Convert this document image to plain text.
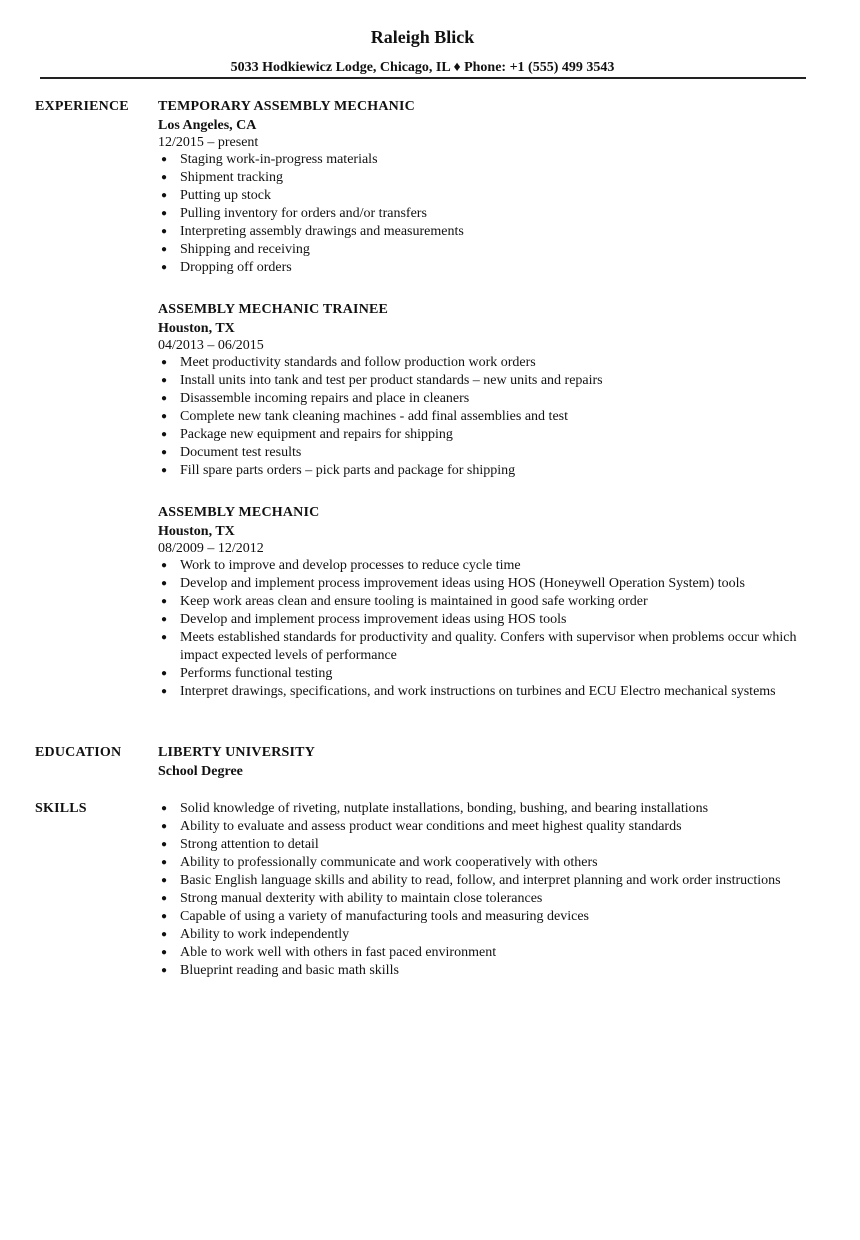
Raleigh Blick
5033 Hodkiewicz Lodge, Chicago, IL ♦ Phone: +1 (555) 499 3543
EXPERIENCE TEMPORARY ASSEMBLY MECHANIC
Los Angeles, CA
12/2015 – present
● Staging work-in-progress materials
● Shipment tracking
● Putting up stock
● Pulling inventory for orders and/or transfers
● Interpreting assembly drawings and measurements
● Shipping and receiving
● Dropping off orders
ASSEMBLY MECHANIC TRAINEE
Houston, TX
04/2013 – 06/2015
● Meet productivity standards and follow production work orders
● Install units into tank and test per product standards – new units and repairs
● Disassemble incoming repairs and place in cleaners
● Complete new tank cleaning machines - add final assemblies and test
● Package new equipment and repairs for shipping
● Document test results
● Fill spare parts orders – pick parts and package for shipping
ASSEMBLY MECHANIC
Houston, TX
08/2009 – 12/2012
● Work to improve and develop processes to reduce cycle time
● Develop and implement process improvement ideas using HOS (Honeywell Operation System) tools
● Keep work areas clean and ensure tooling is maintained in good safe working order
● Develop and implement process improvement ideas using HOS tools
● Meets established standards for productivity and quality. Confers with supervisor when problems occur which impact expected levels of performance
● Performs functional testing
● Interpret drawings, specifications, and work instructions on turbines and ECU Electro mechanical systems
EDUCATION	LIBERTY UNIVERSITY
School Degree
SKILLS	● Solid knowledge of riveting, nutplate installations, bonding, bushing, and bearing installations
● Ability to evaluate and assess product wear conditions and meet highest quality standards
● Strong attention to detail
● Ability to professionally communicate and work cooperatively with others
● Basic English language skills and ability to read, follow, and interpret planning and work order instructions
● Strong manual dexterity with ability to maintain close tolerances
● Capable of using a variety of manufacturing tools and measuring devices
● Ability to work independently
● Able to work well with others in fast paced environment
● Blueprint reading and basic math skills
